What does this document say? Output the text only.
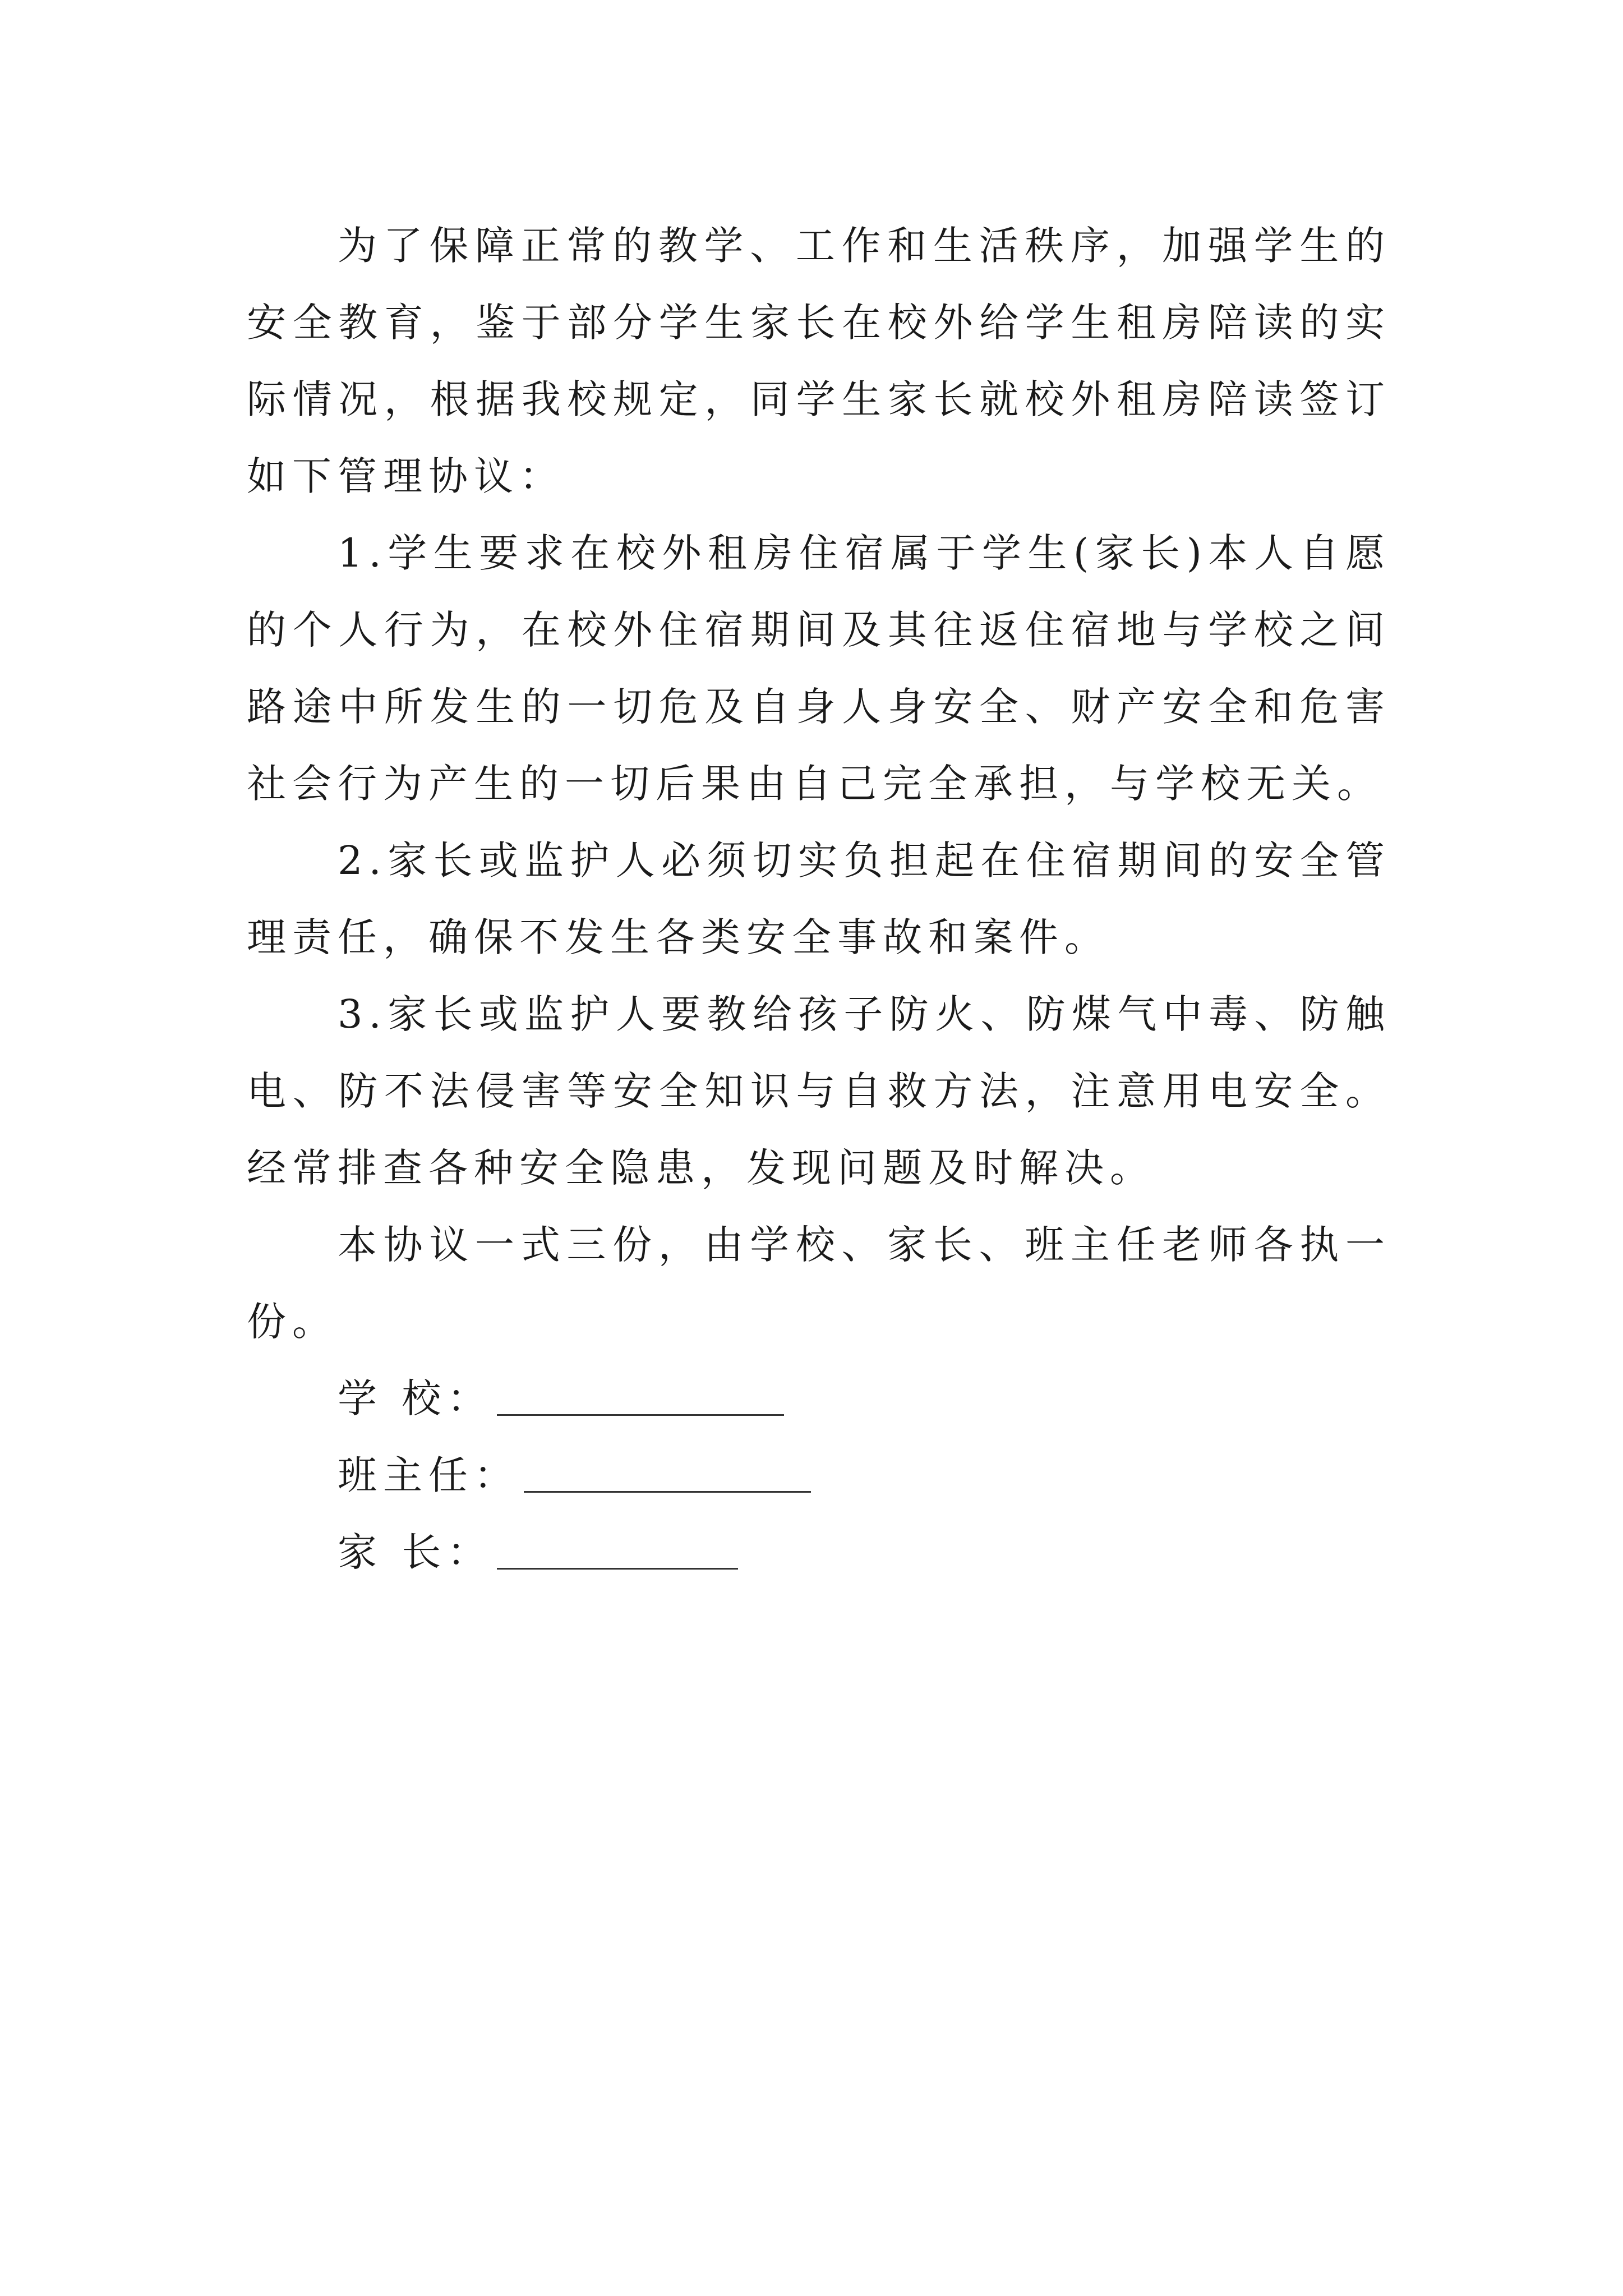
为了保障正常的教学、工作和生活秩序，加强学生的安全教育，鉴于部分学生家长在校外给学生租房陪读的实际情况，根据我校规定，同学生家长就校外租房陪读签订如下管理协议：

1.学生要求在校外租房住宿属于学生(家长)本人自愿的个人行为，在校外住宿期间及其往返住宿地与学校之间路途中所发生的一切危及自身人身安全、财产安全和危害社会行为产生的一切后果由自己完全承担，与学校无关。

2.家长或监护人必须切实负担起在住宿期间的安全管理责任，确保不发生各类安全事故和案件。

3.家长或监护人要教给孩子防火、防煤气中毒、防触电、防不法侵害等安全知识与自救方法，注意用电安全。经常排查各种安全隐患，发现问题及时解决。

本协议一式三份，由学校、家长、班主任老师各执一份。

学 校：
班主任：
家 长：
